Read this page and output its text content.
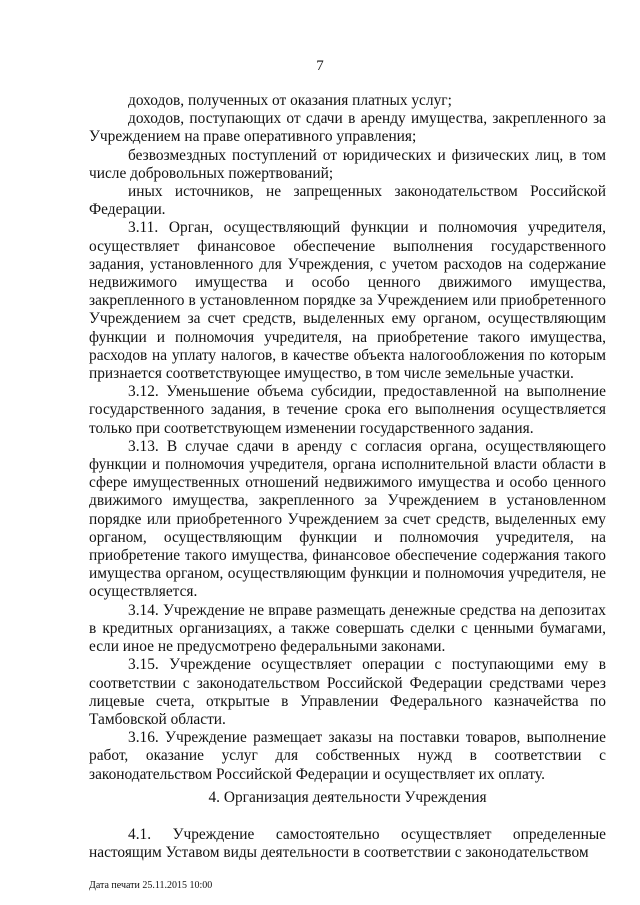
7

доходов, полученных от оказания платных услуг;

доходов, поступающих от сдачи в аренду имущества, закрепленного за Учреждением на праве оперативного управления;

безвозмездных поступлений от юридических и физических лиц, в том числе добровольных пожертвований;

иных источников, не запрещенных законодательством Российской Федерации.

3.11. Орган, осуществляющий функции и полномочия учредителя, осуществляет финансовое обеспечение выполнения государственного задания, установленного для Учреждения, с учетом расходов на содержание недвижимого имущества и особо ценного движимого имущества, закрепленного в установленном порядке за Учреждением или приобретенного Учреждением за счет средств, выделенных ему органом, осуществляющим функции и полномочия учредителя, на приобретение такого имущества, расходов на уплату налогов, в качестве объекта налогообложения по которым признается соответствующее имущество, в том числе земельные участки.

3.12. Уменьшение объема субсидии, предоставленной на выполнение государственного задания, в течение срока его выполнения осуществляется только при соответствующем изменении государственного задания.

3.13. В случае сдачи в аренду с согласия органа, осуществляющего функции и полномочия учредителя, органа исполнительной власти области в сфере имущественных отношений недвижимого имущества и особо ценного движимого имущества, закрепленного за Учреждением в установленном порядке или приобретенного Учреждением за счет средств, выделенных ему органом, осуществляющим функции и полномочия учредителя, на приобретение такого имущества, финансовое обеспечение содержания такого имущества органом, осуществляющим функции и полномочия учредителя, не осуществляется.

3.14. Учреждение не вправе размещать денежные средства на депозитах в кредитных организациях, а также совершать сделки с ценными бумагами, если иное не предусмотрено федеральными законами.

3.15. Учреждение осуществляет операции с поступающими ему в соответствии с законодательством Российской Федерации средствами через лицевые счета, открытые в Управлении Федерального казначейства по Тамбовской области.

3.16. Учреждение размещает заказы на поставки товаров, выполнение работ, оказание услуг для собственных нужд в соответствии с законодательством Российской Федерации и осуществляет их оплату.

4. Организация деятельности Учреждения

4.1. Учреждение самостоятельно осуществляет определенные настоящим Уставом виды деятельности в соответствии с законодательством

Дата печати 25.11.2015 10:00
